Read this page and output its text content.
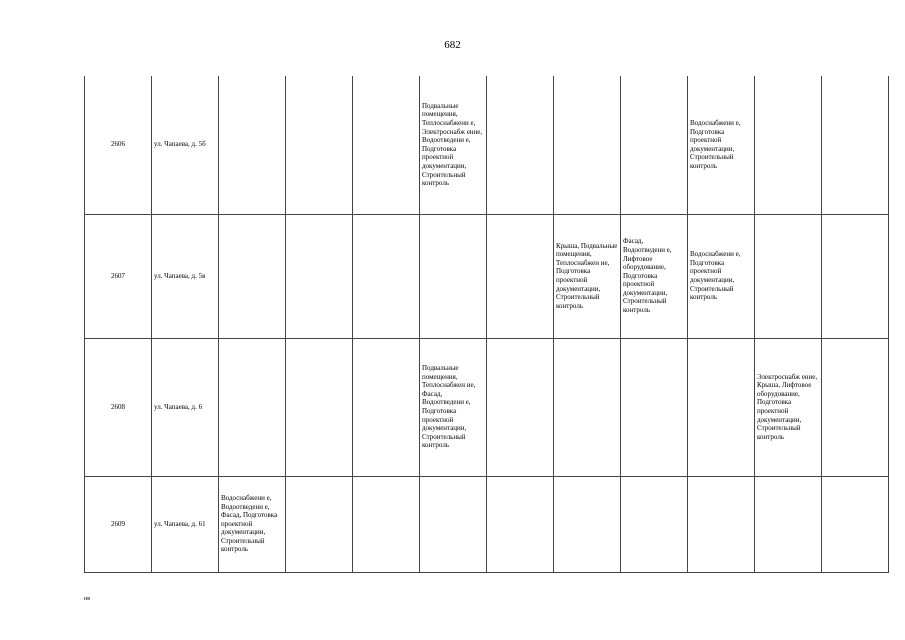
682
2606	ул. Чапаева, д. 5б				Подвальные помещения, Теплоснабжени е, Электроснабж ение, Водоотведени е, Подготовка проектной документации, Строительный контроль				Водоснабжени е, Подготовка проектной документации, Строительный контроль		
2607	ул. Чапаева, д. 5в						Крыша, Подвальные помещения, Теплоснабжен ие, Подготовка проектной документации, Строительный контроль	Фасад, Водоотведени е, Лифтовое оборудование, Подготовка проектной документации, Строительный контроль	Водоснабжени е, Подготовка проектной документации, Строительный контроль		
2608	ул. Чапаева, д. 6				Подвальные помещения, Теплоснабжен ие, Фасад, Водоотведени е, Подготовка проектной документации, Строительный контроль					Электроснабж ение, Крыша, Лифтовое оборудование, Подготовка проектной документации, Строительный контроль	
2609	ул. Чапаева, д. 61	Водоснабжени е, Водоотведени е, Фасад, Подготовка проектной документации, Строительный контроль									
нв
